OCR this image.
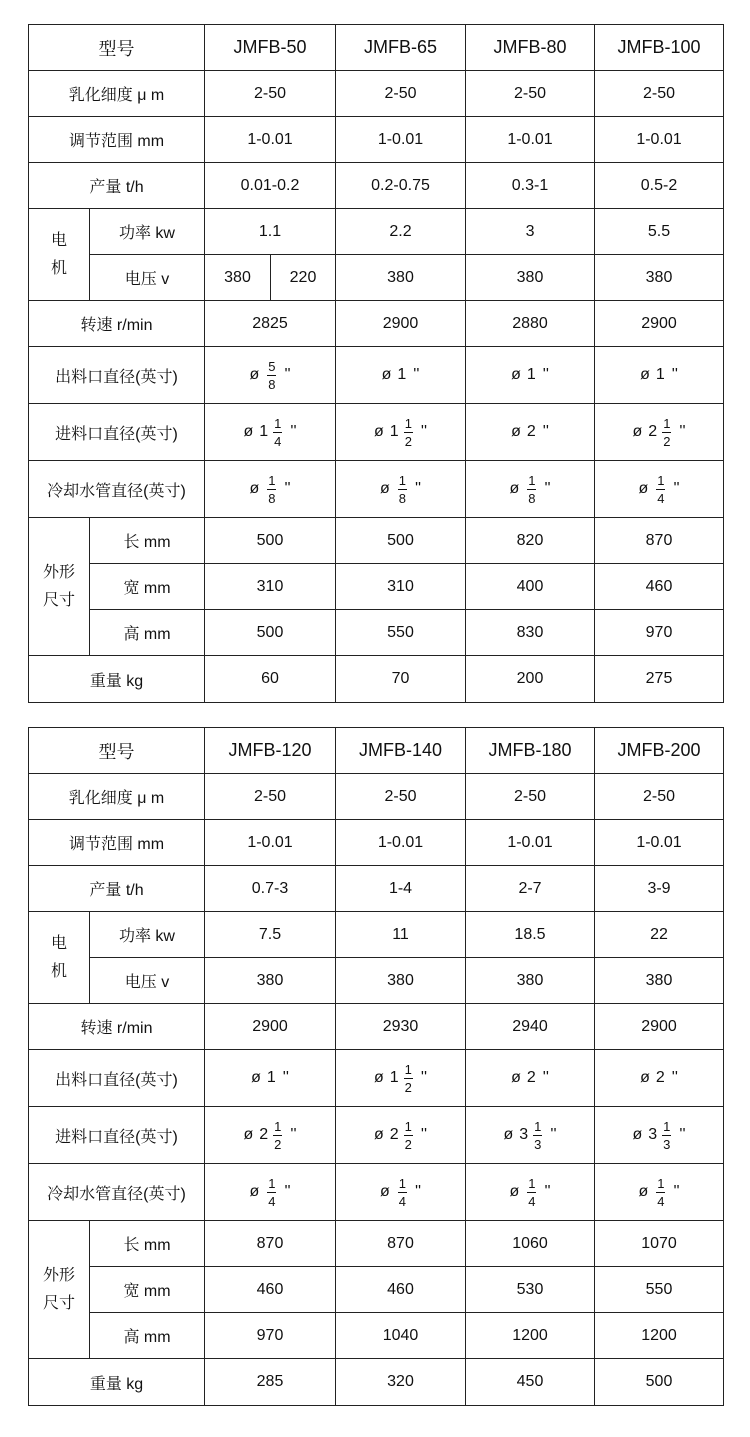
型号		JMFB-50		JMFB-65	JMFB-80	JMFB-100
乳化细度 μ m		2-50		2-50	2-50	2-50
调节范围 mm		1-0.01		1-0.01	1-0.01	1-0.01
产量 t/h		0.01-0.2		0.2-0.75	0.3-1	0.5-2
电
机	功率 kw	1.1		2.2	3	5.5
	电压 v	380	220	380	380	380
转速 r/min		2825		2900	2880	2900
出料口直径(英寸)		ø $\frac{5}{8}$ ''		ø 1 ''	ø 1 ''	ø 1 ''

进料口直径(英寸)		ø $1 \frac{1}{4}$ ''		ø $1 \frac{1}{2}$ ''	ø 2 ''	ø $2 \frac{1}{2}$ ''

冷却水管直径(英寸)		ø $\frac{1}{8}$ ''		ø $\frac{1}{8}$ ''	ø $\frac{1}{8}$ ''	ø $\frac{1}{4}$ ''

外形
尺寸	长 mm	500		500	820	870
	宽 mm	310		310	400	460
	高 mm	500		550	830	970
重量 kg		60		70	200	275
型号		JMFB-120	JMFB-140	JMFB-180	JMFB-200
乳化细度 μ m		2-50	2-50	2-50	2-50
调节范围 mm		1-0.01	1-0.01	1-0.01	1-0.01
产量 t/h		0.7-3	1-4	2-7	3-9
电
机	功率 kw	7.5	11	18.5	22
	电压 v	380	380	380	380
转速 r/min		2900	2930	2940	2900
出料口直径(英寸)		ø 1 ''	ø $1 \frac{1}{2}$ ''	ø 2 ''	ø 2 ''

进料口直径(英寸)		ø $2 \frac{1}{2}$ ''	ø $2 \frac{1}{2}$ ''	ø $3 \frac{1}{3}$ ''	ø $3 \frac{1}{3}$ ''

冷却水管直径(英寸)		ø $\frac{1}{4}$ ''	ø $\frac{1}{4}$ ''	ø $\frac{1}{4}$ ''	ø $\frac{1}{4}$ ''

外形
尺寸	长 mm	870	870	1060	1070
	宽 mm	460	460	530	550
	高 mm	970	1040	1200	1200
重量 kg		285	320	450	500
